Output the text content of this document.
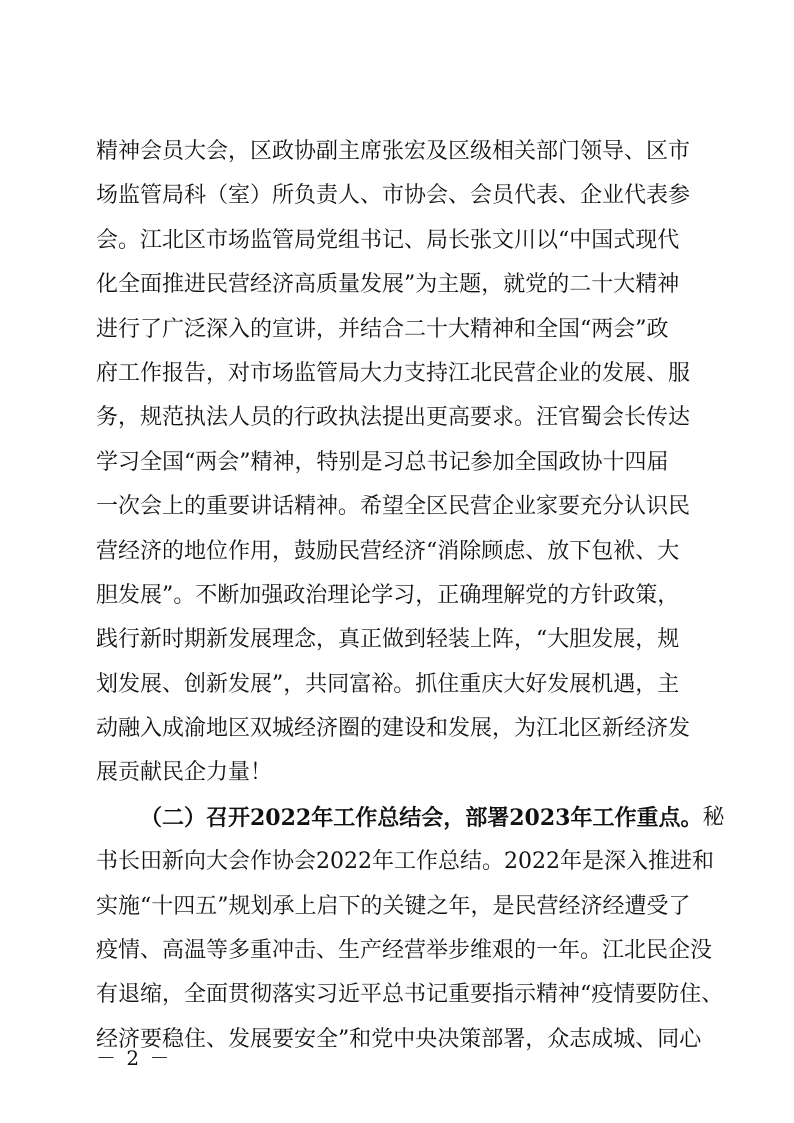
精神会员大会，区政协副主席张宏及区级相关部门领导、区市
场监管局科（室）所负责人、市协会、会员代表、企业代表参
会。江北区市场监管局党组书记、局长张文川以“中国式现代
化全面推进民营经济高质量发展”为主题，就党的二十大精神
进行了广泛深入的宣讲，并结合二十大精神和全国“两会”政
府工作报告，对市场监管局大力支持江北民营企业的发展、服
务，规范执法人员的行政执法提出更高要求。汪官蜀会长传达
学习全国“两会”精神，特别是习总书记参加全国政协十四届
一次会上的重要讲话精神。希望全区民营企业家要充分认识民
营经济的地位作用，鼓励民营经济“消除顾虑、放下包袱、大
胆发展”。不断加强政治理论学习，正确理解党的方针政策，
践行新时期新发展理念，真正做到轻装上阵，“大胆发展，规
划发展、创新发展”，共同富裕。抓住重庆大好发展机遇，主
动融入成渝地区双城经济圈的建设和发展，为江北区新经济发
展贡献民企力量！
（二）召开2022年工作总结会，部署2023年工作重点。 秘
书长田新向大会作协会2022年工作总结。2022年是深入推进和
实施“十四五”规划承上启下的关键之年，是民营经济经遭受了
疫情、高温等多重冲击、生产经营举步维艰的一年。江北民企没
有退缩，全面贯彻落实习近平总书记重要指示精神“疫情要防住、
经济要稳住、发展要安全”和党中央决策部署，众志成城、同心
－ 2 －
